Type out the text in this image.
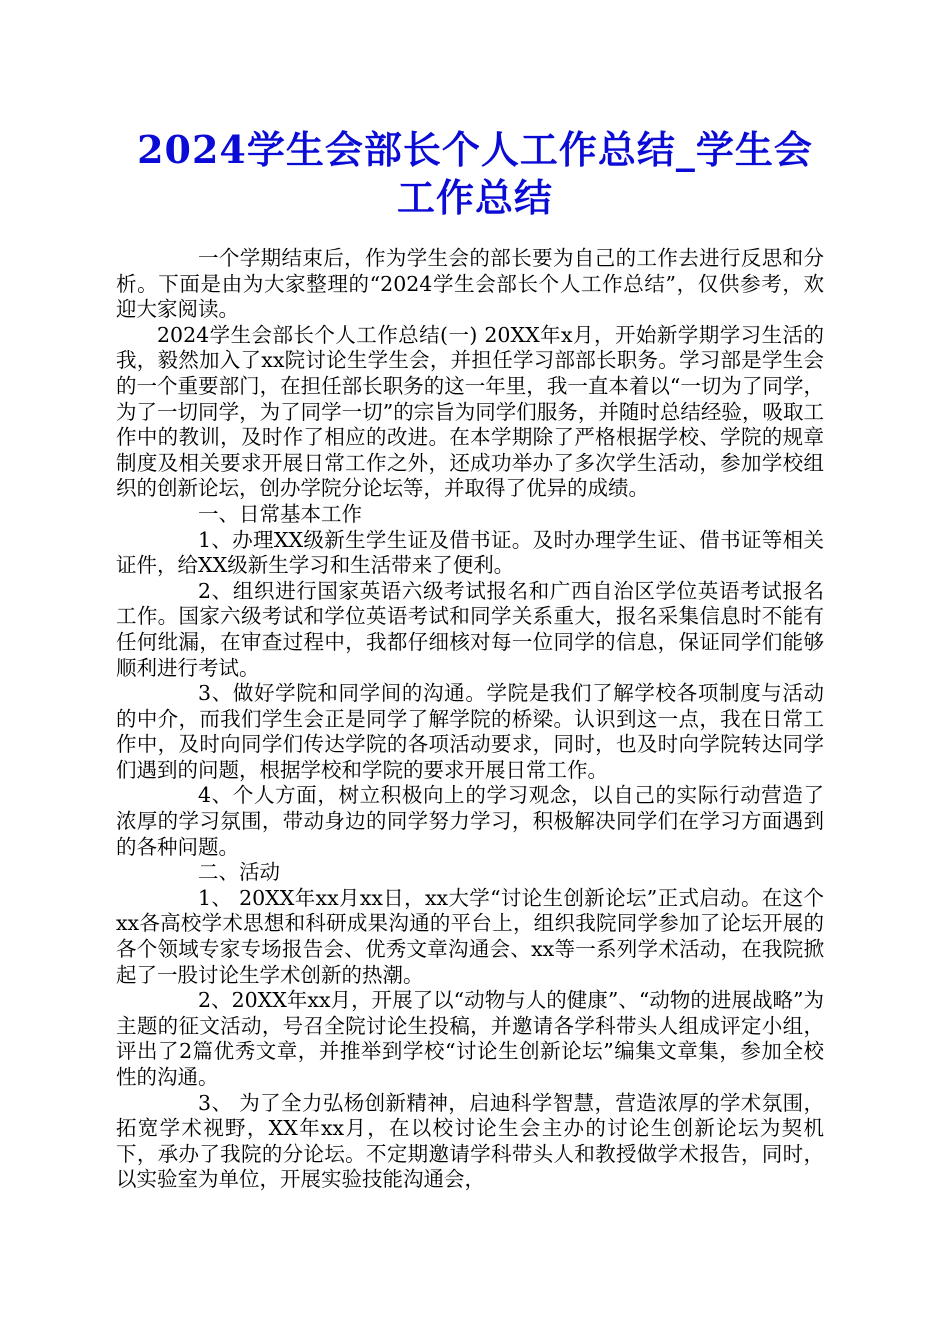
2024学生会部长个人工作总结_学生会工作总结

一个学期结束后，作为学生会的部长要为自己的工作去进行反思和分析。下面是由为大家整理的“2024学生会部长个人工作总结”，仅供参考，欢迎大家阅读。

2024学生会部长个人工作总结(一) 20XX年x月，开始新学期学习生活的我，毅然加入了xx院讨论生学生会，并担任学习部部长职务。学习部是学生会的一个重要部门，在担任部长职务的这一年里，我一直本着以“一切为了同学，为了一切同学，为了同学一切”的宗旨为同学们服务，并随时总结经验，吸取工作中的教训，及时作了相应的改进。在本学期除了严格根据学校、学院的规章制度及相关要求开展日常工作之外，还成功举办了多次学生活动，参加学校组织的创新论坛，创办学院分论坛等，并取得了优异的成绩。

一、日常基本工作

1、办理XX级新生学生证及借书证。及时办理学生证、借书证等相关证件，给XX级新生学习和生活带来了便利。

2、组织进行国家英语六级考试报名和广西自治区学位英语考试报名工作。国家六级考试和学位英语考试和同学关系重大，报名采集信息时不能有任何纰漏，在审查过程中，我都仔细核对每一位同学的信息，保证同学们能够顺利进行考试。

3、做好学院和同学间的沟通。学院是我们了解学校各项制度与活动的中介，而我们学生会正是同学了解学院的桥梁。认识到这一点，我在日常工作中，及时向同学们传达学院的各项活动要求，同时，也及时向学院转达同学们遇到的问题，根据学校和学院的要求开展日常工作。

4、个人方面，树立积极向上的学习观念，以自己的实际行动营造了浓厚的学习氛围，带动身边的同学努力学习，积极解决同学们在学习方面遇到的各种问题。

二、活动

1、 20XX年xx月xx日，xx大学“讨论生创新论坛”正式启动。在这个xx各高校学术思想和科研成果沟通的平台上，组织我院同学参加了论坛开展的各个领域专家专场报告会、优秀文章沟通会、xx等一系列学术活动，在我院掀起了一股讨论生学术创新的热潮。

2、20XX年xx月，开展了以“动物与人的健康”、“动物的进展战略”为主题的征文活动，号召全院讨论生投稿，并邀请各学科带头人组成评定小组，评出了2篇优秀文章，并推举到学校“讨论生创新论坛”编集文章集，参加全校性的沟通。

3、 为了全力弘杨创新精神，启迪科学智慧，营造浓厚的学术氛围，拓宽学术视野，XX年xx月，在以校讨论生会主办的讨论生创新论坛为契机下，承办了我院的分论坛。不定期邀请学科带头人和教授做学术报告，同时，以实验室为单位，开展实验技能沟通会，
